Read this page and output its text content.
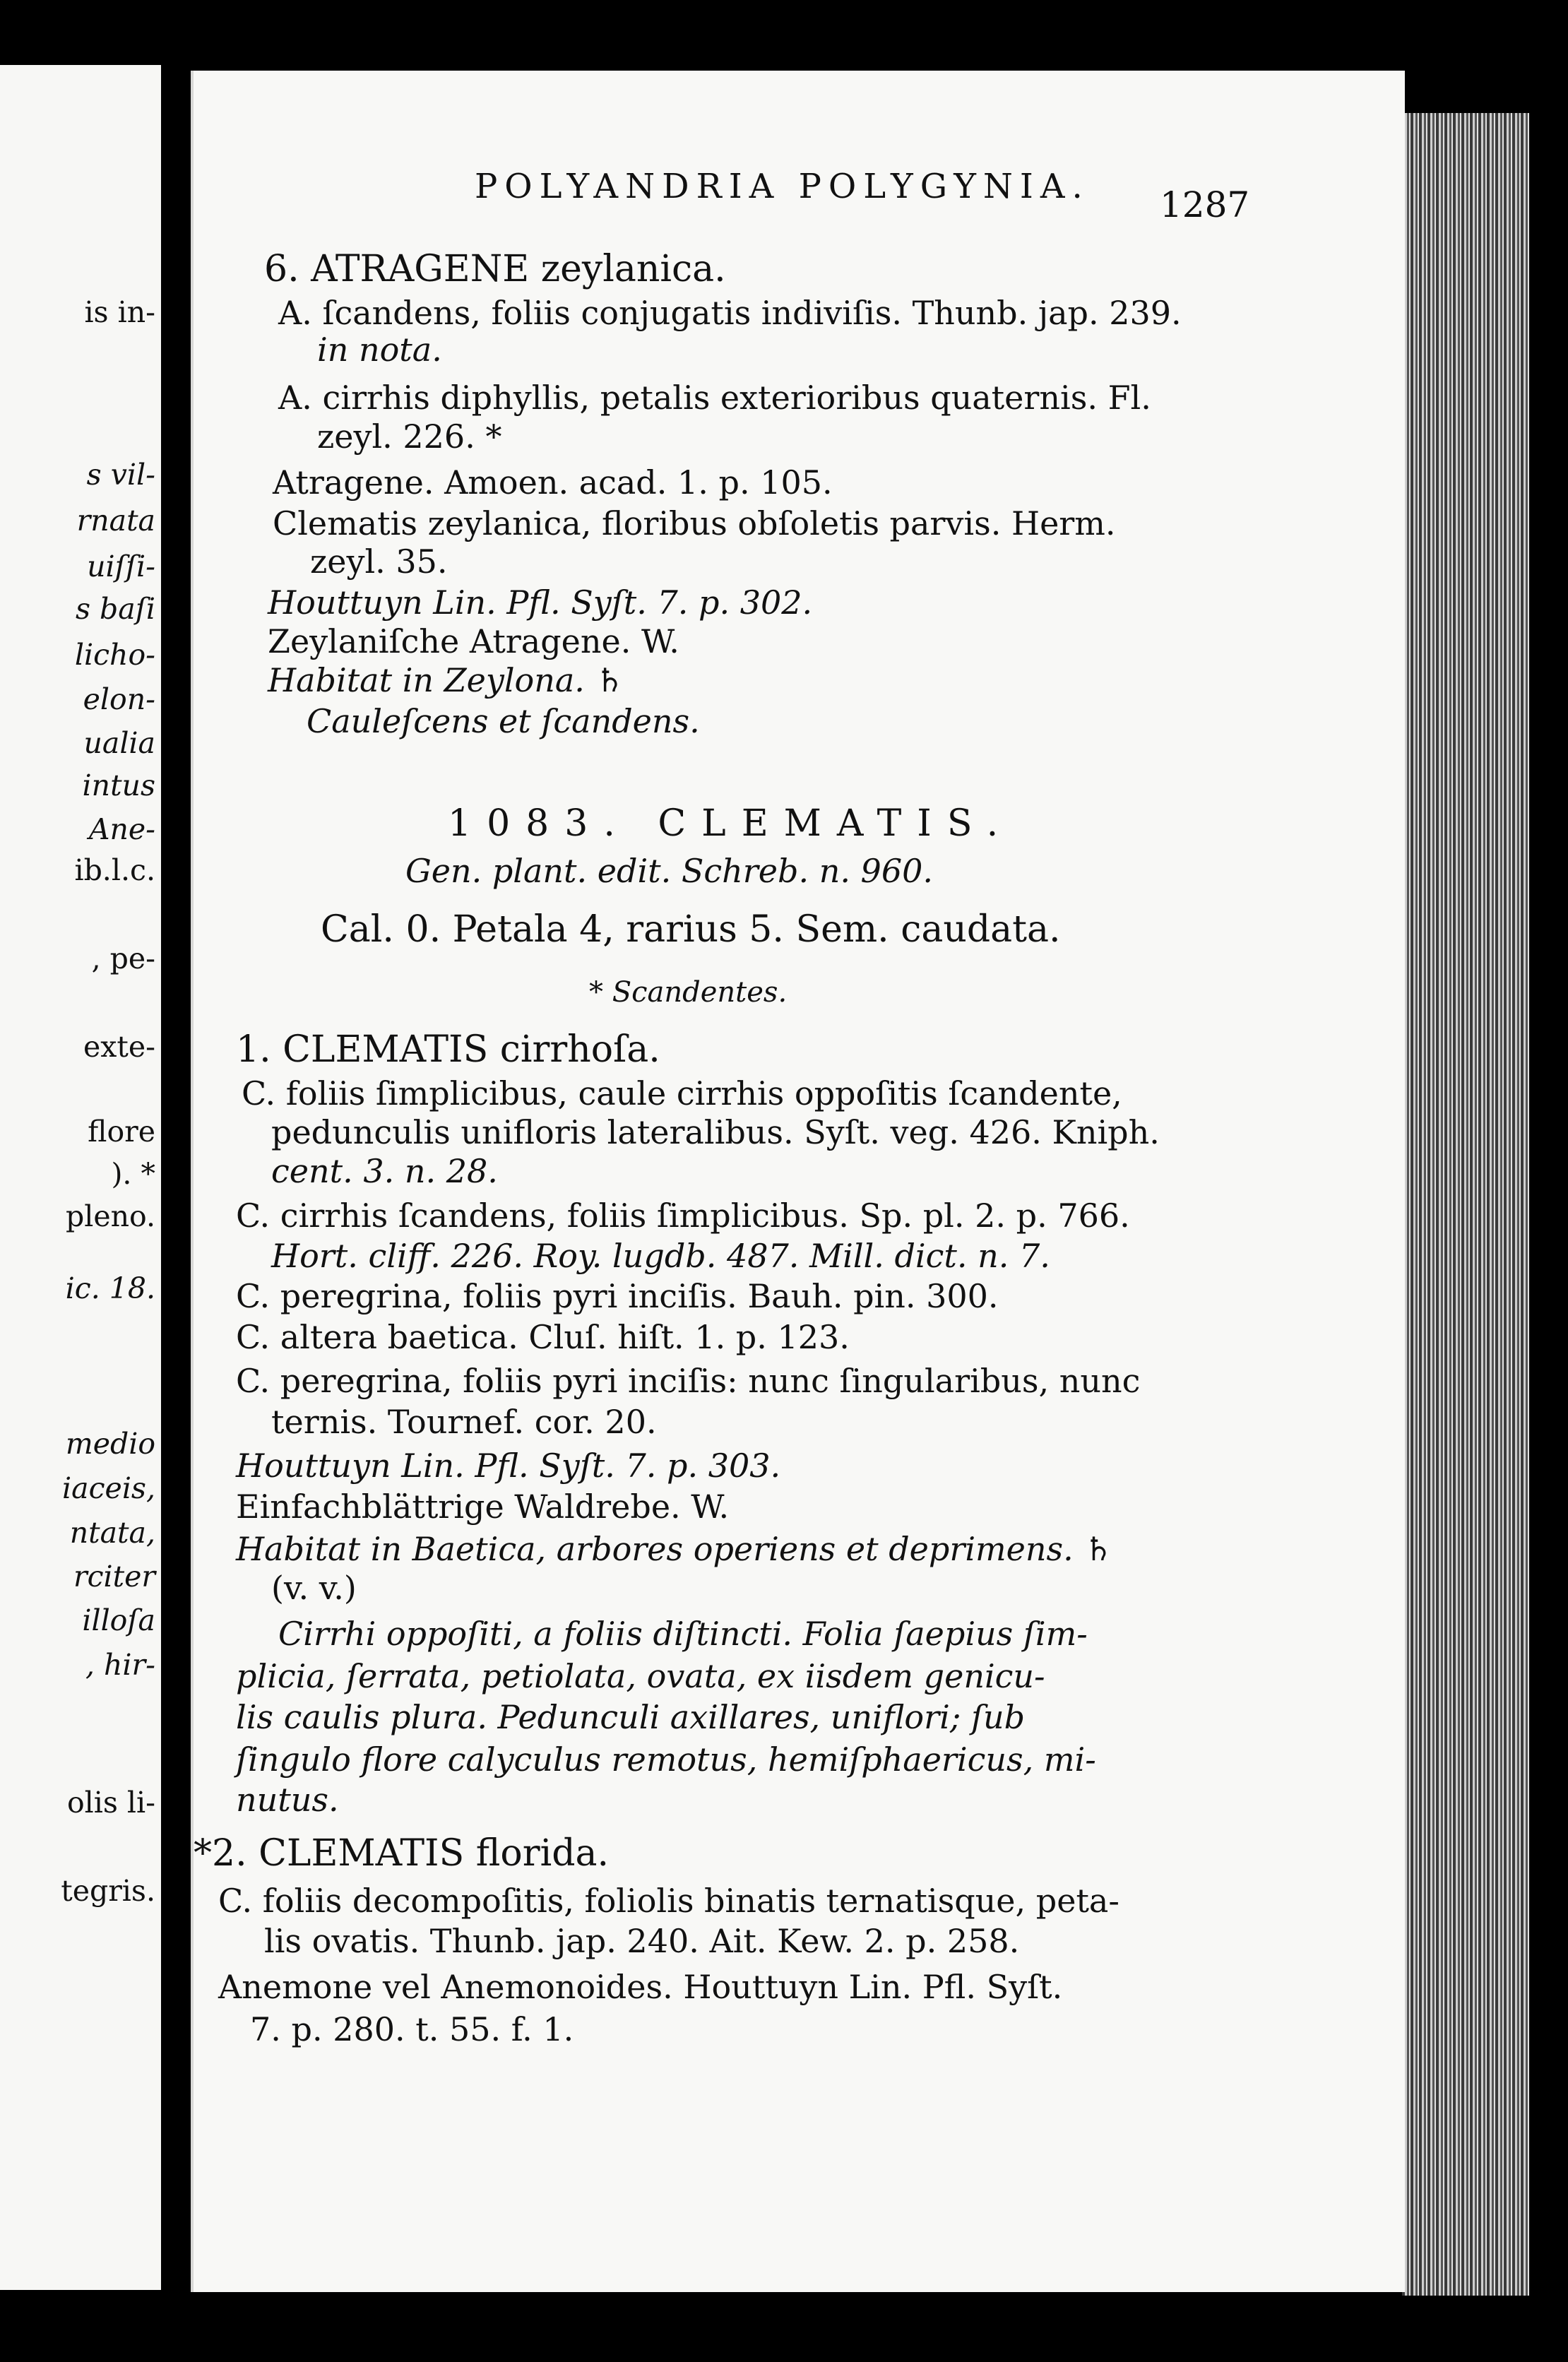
is in-
s vil-
rnata
uiſſi-
s baſi
licho-
elon-
ualia
intus
Ane-
ib.l.c.
, pe-
exte-
flore
). *
pleno.
ic. 18.
medio
iaceis,
ntata,
rciter
illoſa
, hir-
olis li-
tegris.
POLYANDRIA POLYGYNIA. 1287
6. ATRAGENE zeylanica.
A. ſcandens, foliis conjugatis indiviſis. Thunb. jap. 239.
in nota.
A. cirrhis diphyllis, petalis exterioribus quaternis. Fl.
zeyl. 226. *
Atragene. Amoen. acad. 1. p. 105.
Clematis zeylanica, floribus obſoletis parvis. Herm.
zeyl. 35.
Houttuyn Lin. Pfl. Syſt. 7. p. 302.
Zeylaniſche Atragene. W.
Habitat in Zeylona. ♄
Cauleſcens et ſcandens.
1083. CLEMATIS.
Gen. plant. edit. Schreb. n. 960.
Cal. 0. Petala 4, rarius 5. Sem. caudata.
* Scandentes.
1. CLEMATIS cirrhoſa.
C. foliis ſimplicibus, caule cirrhis oppoſitis ſcandente,
pedunculis unifloris lateralibus. Syſt. veg. 426. Kniph.
cent. 3. n. 28.
C. cirrhis ſcandens, foliis ſimplicibus. Sp. pl. 2. p. 766.
Hort. cliff. 226. Roy. lugdb. 487. Mill. dict. n. 7.
C. peregrina, foliis pyri inciſis. Bauh. pin. 300.
C. altera baetica. Cluſ. hiſt. 1. p. 123.
C. peregrina, foliis pyri inciſis: nunc ſingularibus, nunc
ternis. Tournef. cor. 20.
Houttuyn Lin. Pfl. Syſt. 7. p. 303.
Einfachblättrige Waldrebe. W.
Habitat in Baetica, arbores operiens et deprimens. ♄
(v. v.)
Cirrhi oppoſiti, a foliis diſtincti. Folia ſaepius ſim-
plicia, ſerrata, petiolata, ovata, ex iisdem genicu-
lis caulis plura. Pedunculi axillares, uniflori; ſub
ſingulo flore calyculus remotus, hemiſphaericus, mi-
nutus.
*2. CLEMATIS florida.
C. foliis decompoſitis, foliolis binatis ternatisque, peta-
lis ovatis. Thunb. jap. 240. Ait. Kew. 2. p. 258.
Anemone vel Anemonoides. Houttuyn Lin. Pfl. Syſt.
7. p. 280. t. 55. f. 1.
